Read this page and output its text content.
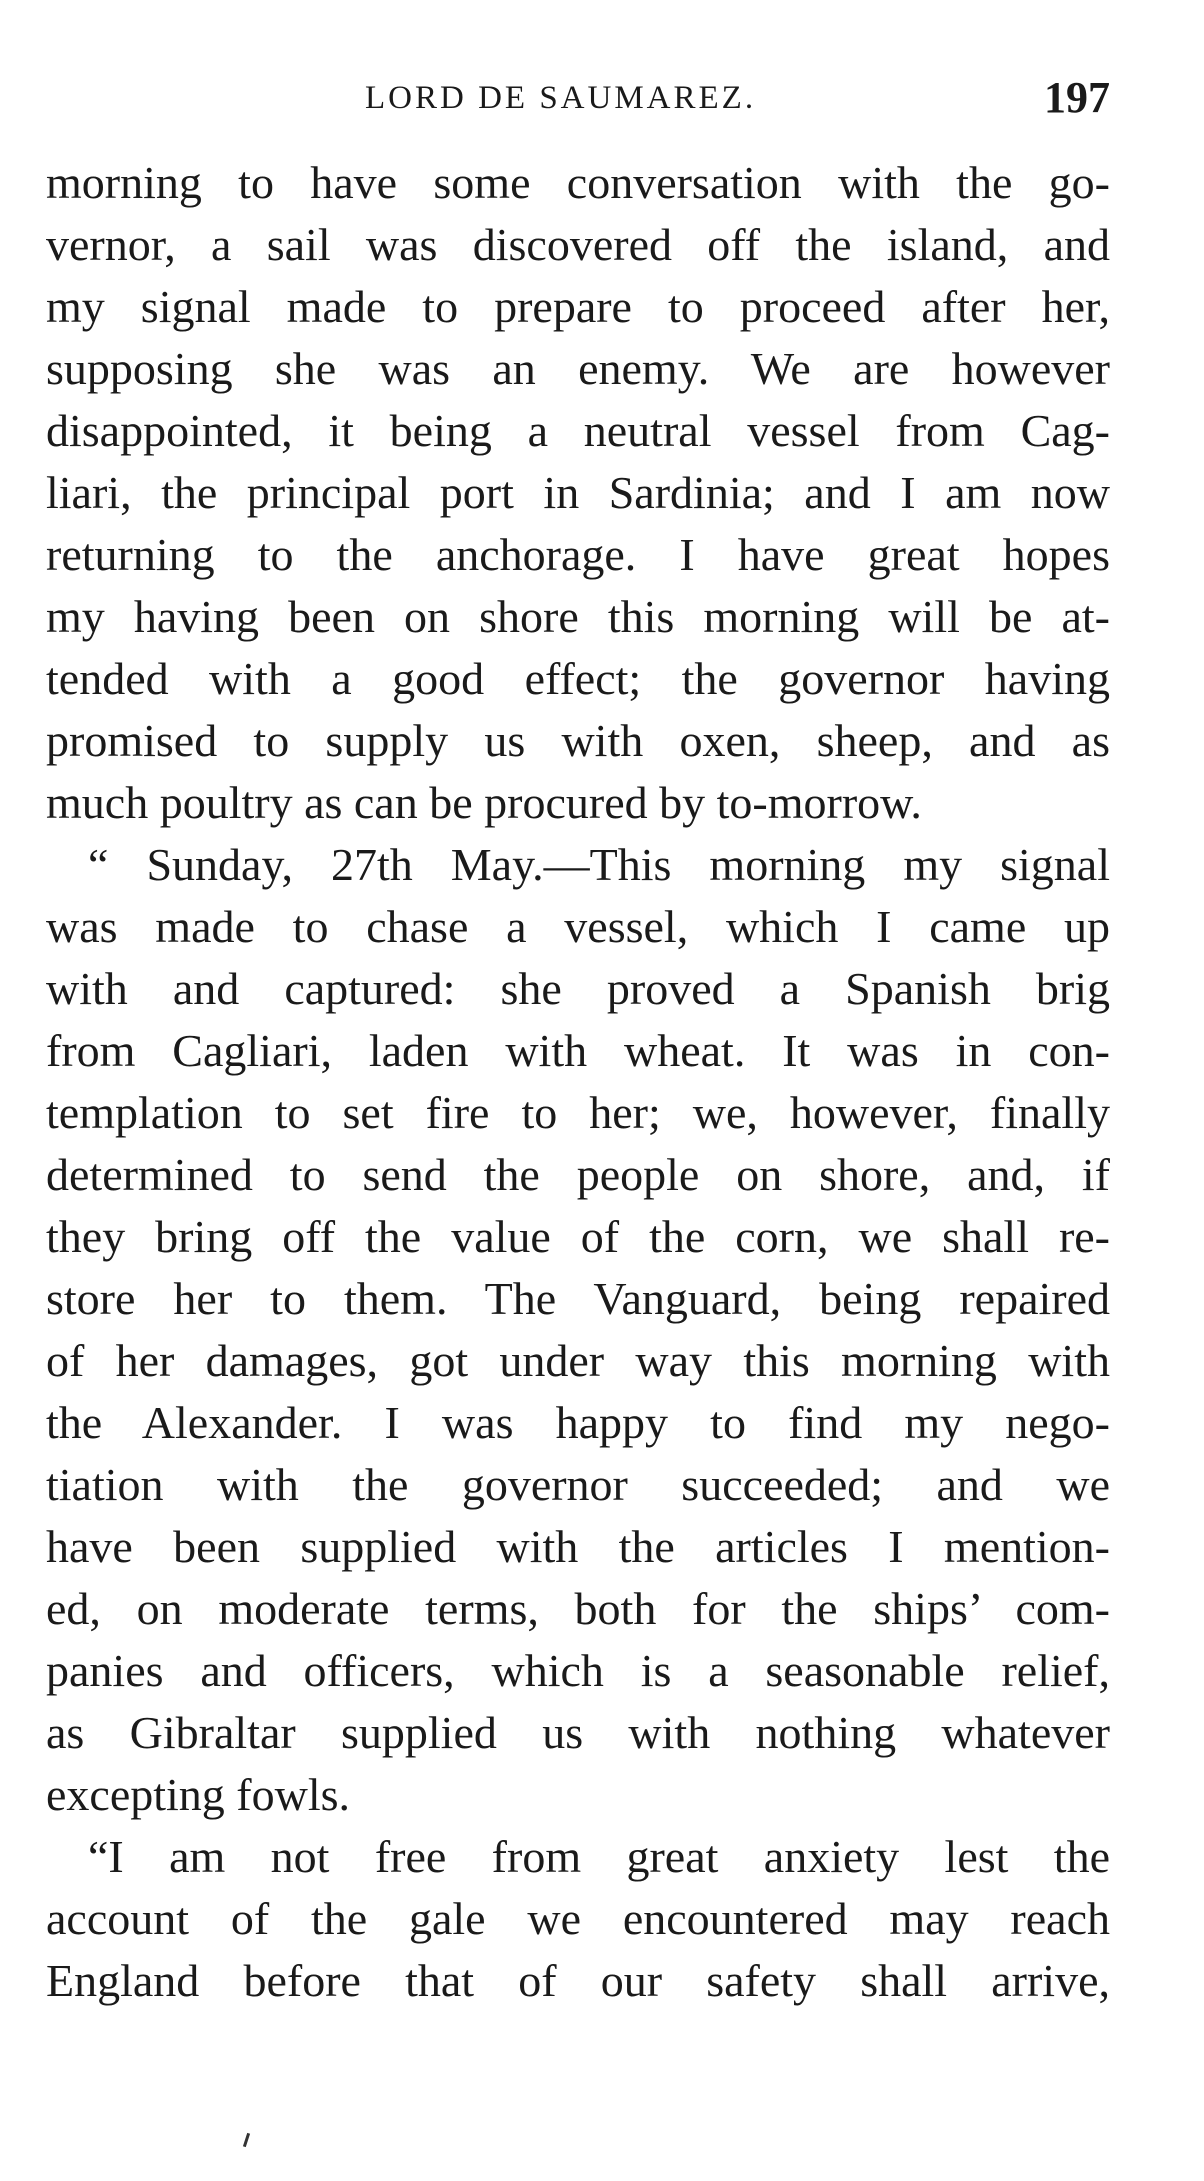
LORD DE SAUMAREZ.	197
morning to have some conversation with the go-
vernor, a sail was discovered off the island, and
my signal made to prepare to proceed after her,
supposing she was an enemy. We are however
disappointed, it being a neutral vessel from Cag-
liari, the principal port in Sardinia; and I am now
returning to the anchorage. I have great hopes
my having been on shore this morning will be at-
tended with a good effect; the governor having
promised to supply us with oxen, sheep, and as
much poultry as can be procured by to-morrow.
“ Sunday, 27th May.—This morning my signal
was made to chase a vessel, which I came up
with and captured: she proved a Spanish brig
from Cagliari, laden with wheat. It was in con-
templation to set fire to her; we, however, finally
determined to send the people on shore, and, if
they bring off the value of the corn, we shall re-
store her to them. The Vanguard, being repaired
of her damages, got under way this morning with
the Alexander. I was happy to find my nego-
tiation with the governor succeeded; and we
have been supplied with the articles I mention-
ed, on moderate terms, both for the ships’ com-
panies and officers, which is a seasonable relief,
as Gibraltar supplied us with nothing whatever
excepting fowls.
“I am not free from great anxiety lest the
account of the gale we encountered may reach
England before that of our safety shall arrive,
